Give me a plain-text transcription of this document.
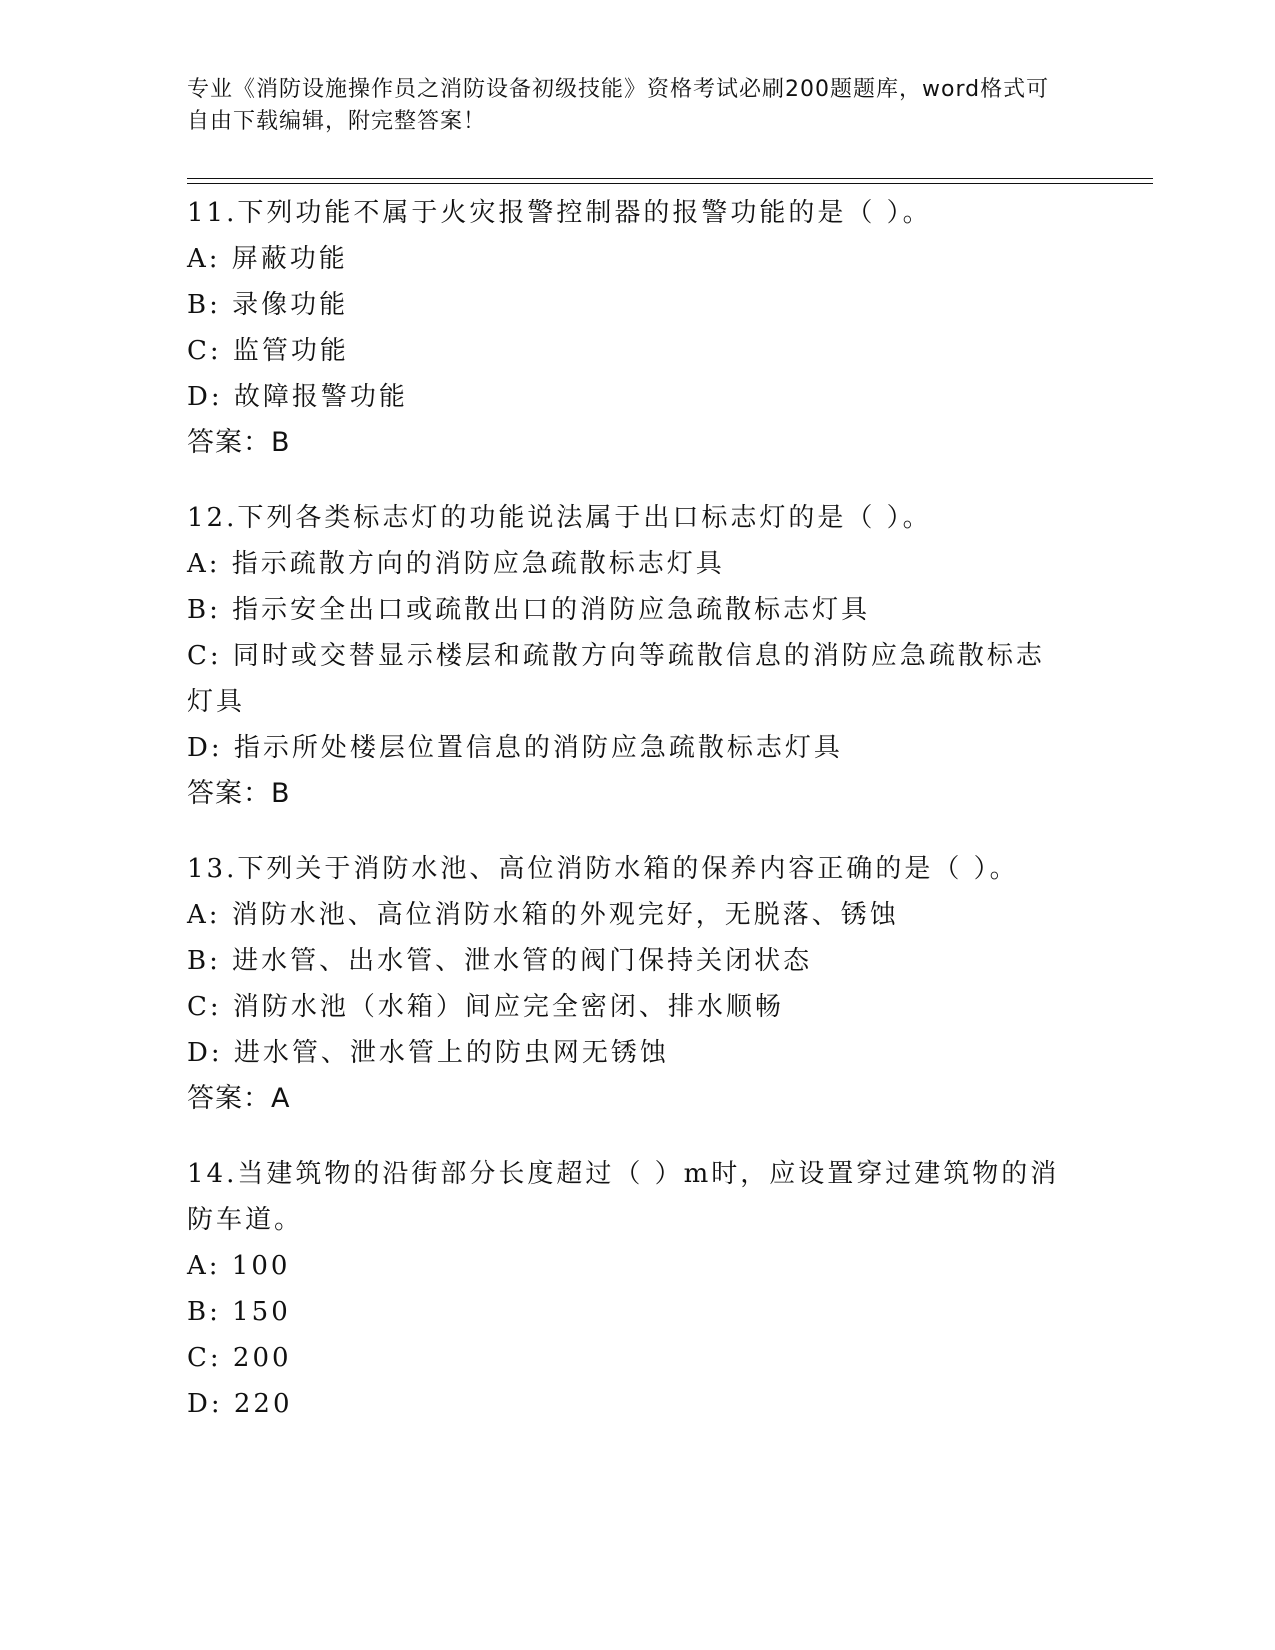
专业《消防设施操作员之消防设备初级技能》资格考试必刷200题题库，word格式可自由下载编辑，附完整答案！
11.下列功能不属于火灾报警控制器的报警功能的是（ ）。
A: 屏蔽功能
B: 录像功能
C: 监管功能
D: 故障报警功能
答案：B
12.下列各类标志灯的功能说法属于出口标志灯的是（ ）。
A: 指示疏散方向的消防应急疏散标志灯具
B: 指示安全出口或疏散出口的消防应急疏散标志灯具
C: 同时或交替显示楼层和疏散方向等疏散信息的消防应急疏散标志灯具
D: 指示所处楼层位置信息的消防应急疏散标志灯具
答案：B
13.下列关于消防水池、高位消防水箱的保养内容正确的是（ ）。
A: 消防水池、高位消防水箱的外观完好，无脱落、锈蚀
B: 进水管、出水管、泄水管的阀门保持关闭状态
C: 消防水池（水箱）间应完全密闭、排水顺畅
D: 进水管、泄水管上的防虫网无锈蚀
答案：A
14.当建筑物的沿街部分长度超过（ ）m时，应设置穿过建筑物的消防车道。
A: 100
B: 150
C: 200
D: 220
